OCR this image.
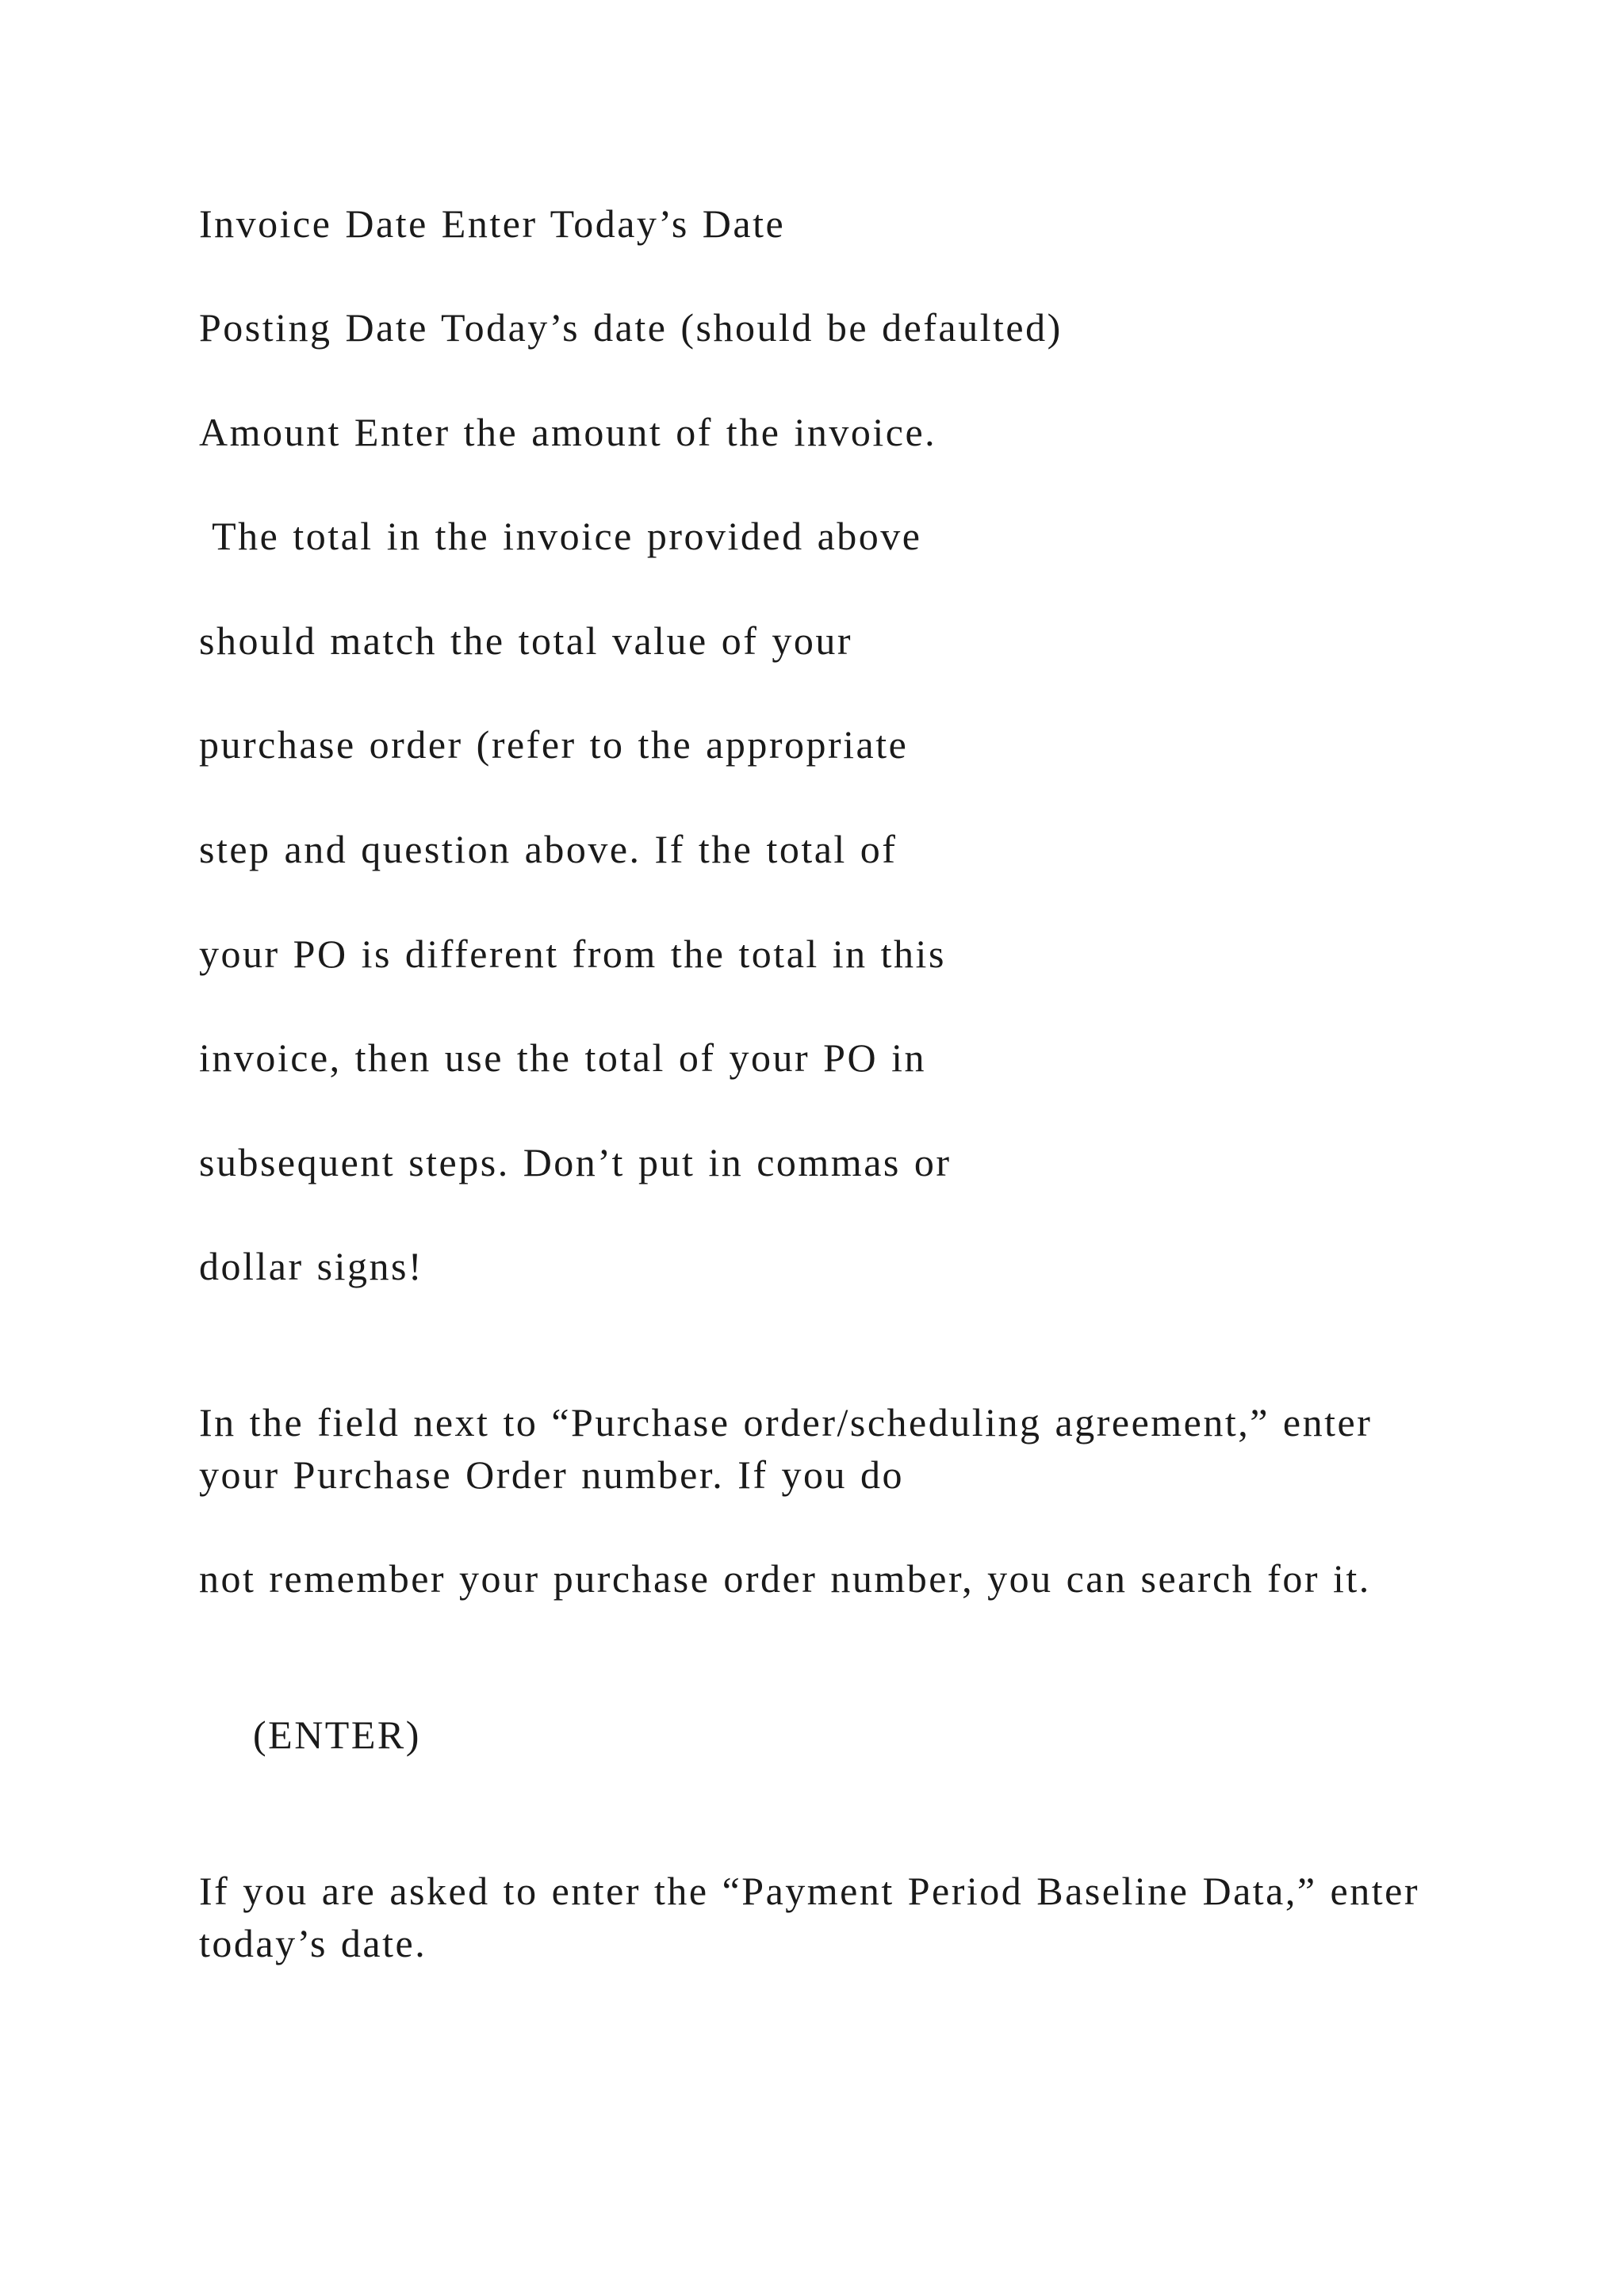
Invoice Date Enter Today’s Date

Posting Date Today’s date (should be defaulted)

Amount Enter the amount of the invoice.

The total in the invoice provided above

should match the total value of your

purchase order (refer to the appropriate

step and question above. If the total of

your PO is different from the total in this

invoice, then use the total of your PO in

subsequent steps. Don’t put in commas or

dollar signs!

In the field next to “Purchase order/scheduling agreement,” enter your Purchase Order number. If you do

not remember your purchase order number, you can search for it.

(ENTER)

If you are asked to enter the “Payment Period Baseline Data,” enter today’s date.
